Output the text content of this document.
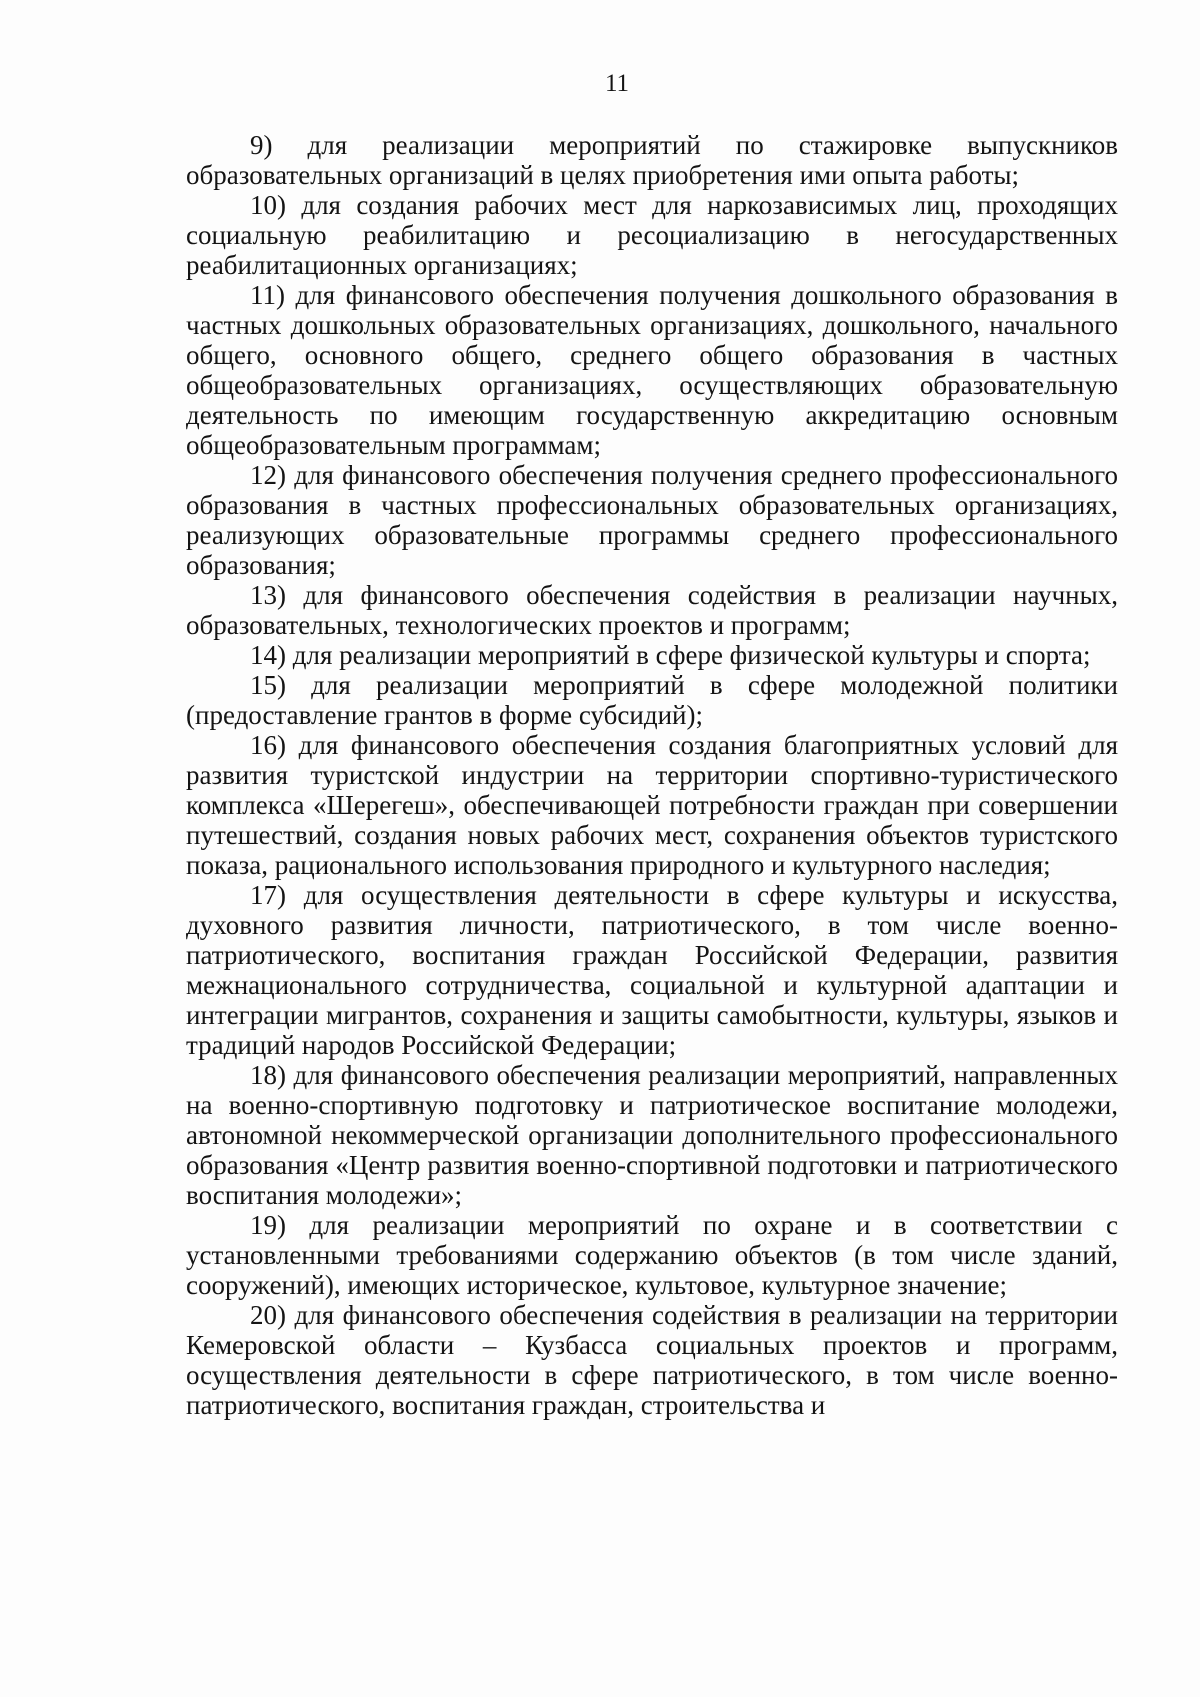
11

9) для реализации мероприятий по стажировке выпускников образовательных организаций в целях приобретения ими опыта работы;

10) для создания рабочих мест для наркозависимых лиц, проходящих социальную реабилитацию и ресоциализацию в негосударственных реабилитационных организациях;

11) для финансового обеспечения получения дошкольного образования в частных дошкольных образовательных организациях, дошкольного, начального общего, основного общего, среднего общего образования в частных общеобразовательных организациях, осуществляющих образовательную деятельность по имеющим государственную аккредитацию основным общеобразовательным программам;

12) для финансового обеспечения получения среднего профессионального образования в частных профессиональных образовательных организациях, реализующих образовательные программы среднего профессионального образования;

13) для финансового обеспечения содействия в реализации научных, образовательных, технологических проектов и программ;

14) для реализации мероприятий в сфере физической культуры и спорта;

15) для реализации мероприятий в сфере молодежной политики (предоставление грантов в форме субсидий);

16) для финансового обеспечения создания благоприятных условий для развития туристской индустрии на территории спортивно-туристического комплекса «Шерегеш», обеспечивающей потребности граждан при совершении путешествий, создания новых рабочих мест, сохранения объектов туристского показа, рационального использования природного и культурного наследия;

17) для осуществления деятельности в сфере культуры и искусства, духовного развития личности, патриотического, в том числе военно-патриотического, воспитания граждан Российской Федерации, развития межнационального сотрудничества, социальной и культурной адаптации и интеграции мигрантов, сохранения и защиты самобытности, культуры, языков и традиций народов Российской Федерации;

18) для финансового обеспечения реализации мероприятий, направленных на военно-спортивную подготовку и патриотическое воспитание молодежи, автономной некоммерческой организации дополнительного профессионального образования «Центр развития военно-спортивной подготовки и патриотического воспитания молодежи»;

19) для реализации мероприятий по охране и в соответствии с установленными требованиями содержанию объектов (в том числе зданий, сооружений), имеющих историческое, культовое, культурное значение;

20) для финансового обеспечения содействия в реализации на территории Кемеровской области – Кузбасса социальных проектов и программ, осуществления деятельности в сфере патриотического, в том числе военно-патриотического, воспитания граждан, строительства и
